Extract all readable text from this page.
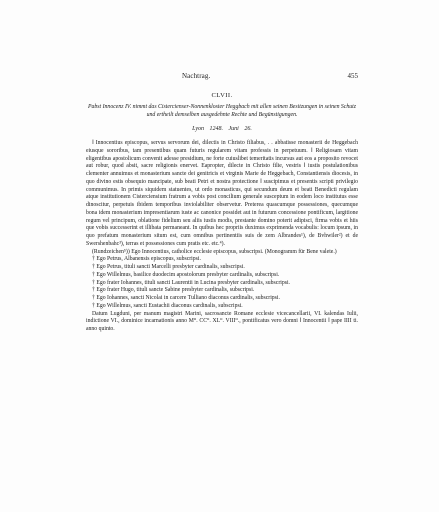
Nachtrag.	455
CLVII.
Pabst Innocenz IV. nimmt das Cistercienser-Nonnenkloster Heggbach mit allen seinen Besitzungen in seinen Schutz und ertheilt demselben ausgedehnte Rechte und Begünstigungen.
Lyon 1248. Juni 26.

‖ Innocentius episcopus, servus servorum dei, dilectis in Christo filiabus, . . abbatisse monasterii de Heggebach eiusque sororibus, tam presentibus quam futuris regularem vitam professis in perpetuum. ‖ Religiosam vitam eligentibus apostolicum convenit adesse presidium, ne forte cuiuslibet temeritatis incursus aut eos a proposito revocet aut robur, quod absit, sacre religionis enervet. Eapropter, dilecte in Christo filie, vestris ‖ iustis postulationibus clementer annuimus et monasterium sancte dei genitricis et virginis Marie de Heggebach, Constantiensis diocesis, in quo divino estis obsequio mancipate, sub beati Petri et nostra protectione ‖ suscipimus et presentis scripti privilegio communimus. In primis siquidem statuentes, ut ordo monasticus, qui secundum deum et beati Benedicti regulam atque institutionem Cisterciensium fratrum a vobis post concilium generale susceptum in eodem loco institutus esse dinoscitur, perpetuis ibidem temporibus inviolabiliter observetur. Preterea quascumque possessiones, quecumque bona idem monasterium impresentiarum iuste ac canonice possidet aut in futurum concessione pontificum, largitione regum vel principum, oblatione fidelium seu aliis iustis modis, prestante domino poterit adipisci, firma vobis et hiis que vobis successerint et illibata permaneant. In quibus hec propriis duximus exprimenda vocabulis: locum ipsum, in quo prefatum monasterium situm est, cum omnibus pertinentiis suis de zem Albrandes¹), de Bvhwiler²) et de Swershenbahc³), terras et possessiones cum pratis etc. etc.⁴).

(Rundzeichen⁵)) Ego Innocentius, catholice ecclesie episcopus, subscripsi. (Monogramm für Bene valete.)

† Ego Petrus, Albanensis episcopus, subscripsi.
† Ego Petrus, tituli sancti Marcelli presbyter cardinalis, subscripsi.
† Ego Willelmus, basilice duodecim apostolorum presbyter cardinalis, subscripsi.
† Ego frater Iohannes, tituli sancti Laurentii in Lucina presbyter cardinalis, subscripsi.
† Ego frater Hugo, tituli sancte Sabine presbyter cardinalis, subscripsi.
† Ego Iohannes, sancti Nicolai in carcere Tulliano diaconus cardinalis, subscripsi.
† Ego Willelmus, sancti Eustachii diaconus cardinalis, subscripsi.

Datum Lugduni, per manum magistri Marini, sacrosancte Romane ecclesie vicecancellarii, VI. kalendas Iulii, indictione VI., dominice incarnationis anno M⁰. CC⁰. XL⁰. VIII⁰., pontificatus vero domni ‖ Innocentii ‖ pape IIII ti. anno quinto.
